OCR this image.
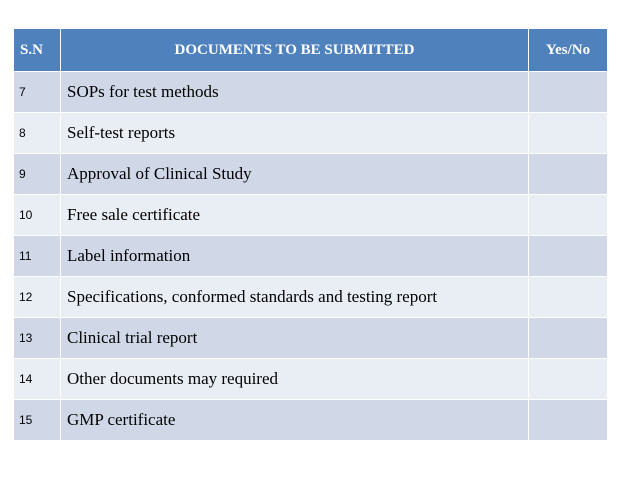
S.N	DOCUMENTS TO BE SUBMITTED	Yes/No
7	SOPs for test methods	
8	Self-test reports	
9	Approval of Clinical Study	
10	Free sale certificate	
11	Label information	
12	Specifications, conformed standards and testing report	
13	Clinical trial report	
14	Other documents may required	
15	GMP certificate	
